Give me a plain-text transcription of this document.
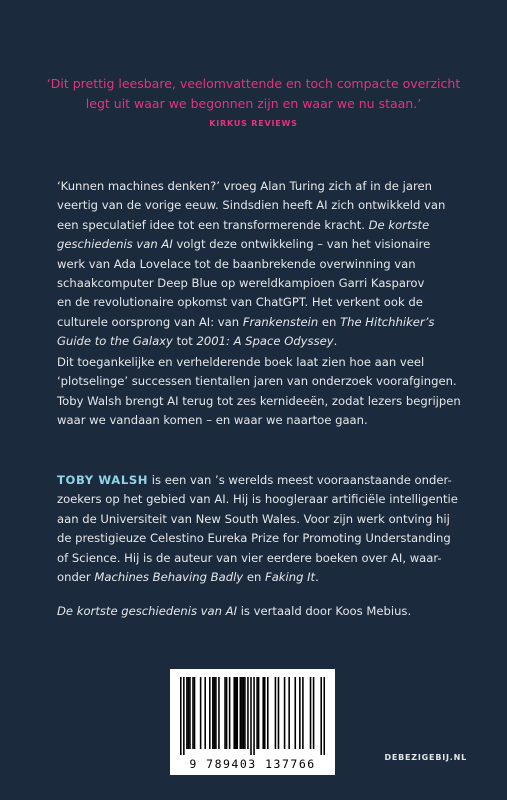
‘Dit prettig leesbare, veelomvattende en toch compacte overzicht
legt uit waar we begonnen zijn en waar we nu staan.’
KIRKUS REVIEWS
‘Kunnen machines denken?’ vroeg Alan Turing zich af in de jaren
veertig van de vorige eeuw. Sindsdien heeft AI zich ontwikkeld van
een speculatief idee tot een transformerende kracht. De kortste
geschiedenis van AI volgt deze ontwikkeling – van het visionaire
werk van Ada Lovelace tot de baanbrekende overwinning van
schaakcomputer Deep Blue op wereldkampioen Garri Kasparov
en de revolutionaire opkomst van ChatGPT. Het verkent ook de
culturele oorsprong van AI: van Frankenstein en The Hitchhiker’s
Guide to the Galaxy tot 2001: A Space Odyssey.
Dit toegankelijke en verhelderende boek laat zien hoe aan veel
‘plotselinge’ successen tientallen jaren van onderzoek voorafgingen.
Toby Walsh brengt AI terug tot zes kernideeën, zodat lezers begrijpen
waar we vandaan komen – en waar we naartoe gaan.
TOBY WALSH is een van ’s werelds meest vooraanstaande onder-
zoekers op het gebied van AI. Hij is hoogleraar artificiële intelligentie
aan de Universiteit van New South Wales. Voor zijn werk ontving hij
de prestigieuze Celestino Eureka Prize for Promoting Understanding
of Science. Hij is de auteur van vier eerdere boeken over AI, waar-
onder Machines Behaving Badly en Faking It.
De kortste geschiedenis van AI is vertaald door Koos Mebius.
9 789403 137766	DEBEZIGEBIJ.NL
